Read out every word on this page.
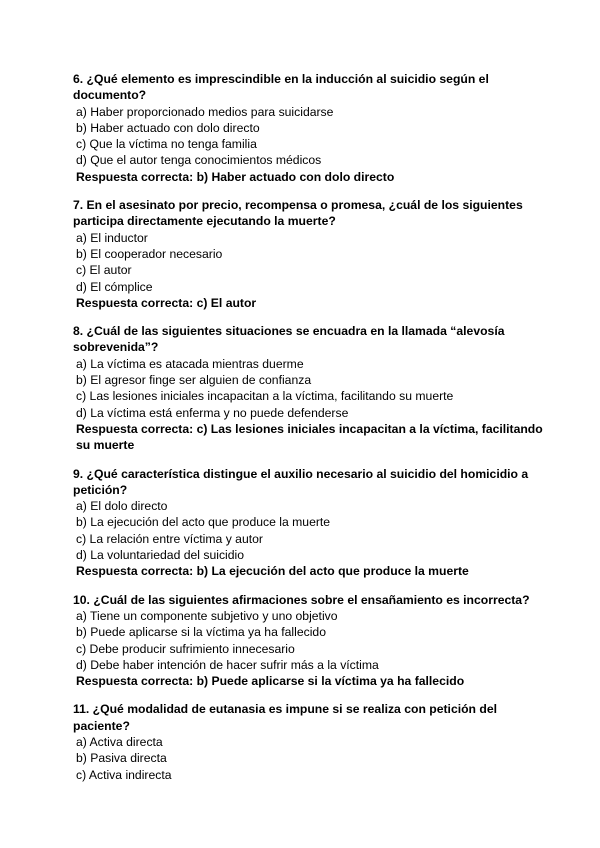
6. ¿Qué elemento es imprescindible en la inducción al suicidio según el documento?

a) Haber proporcionado medios para suicidarse

b) Haber actuado con dolo directo

c) Que la víctima no tenga familia

d) Que el autor tenga conocimientos médicos

Respuesta correcta: b) Haber actuado con dolo directo

7. En el asesinato por precio, recompensa o promesa, ¿cuál de los siguientes participa directamente ejecutando la muerte?

a) El inductor

b) El cooperador necesario

c) El autor

d) El cómplice

Respuesta correcta: c) El autor

8. ¿Cuál de las siguientes situaciones se encuadra en la llamada “alevosía sobrevenida”?

a) La víctima es atacada mientras duerme

b) El agresor finge ser alguien de confianza

c) Las lesiones iniciales incapacitan a la víctima, facilitando su muerte

d) La víctima está enferma y no puede defenderse

Respuesta correcta: c) Las lesiones iniciales incapacitan a la víctima, facilitando su muerte

9. ¿Qué característica distingue el auxilio necesario al suicidio del homicidio a petición?

a) El dolo directo

b) La ejecución del acto que produce la muerte

c) La relación entre víctima y autor

d) La voluntariedad del suicidio

Respuesta correcta: b) La ejecución del acto que produce la muerte

10. ¿Cuál de las siguientes afirmaciones sobre el ensañamiento es incorrecta?

a) Tiene un componente subjetivo y uno objetivo

b) Puede aplicarse si la víctima ya ha fallecido

c) Debe producir sufrimiento innecesario

d) Debe haber intención de hacer sufrir más a la víctima

Respuesta correcta: b) Puede aplicarse si la víctima ya ha fallecido

11. ¿Qué modalidad de eutanasia es impune si se realiza con petición del paciente?

a) Activa directa

b) Pasiva directa

c) Activa indirecta
